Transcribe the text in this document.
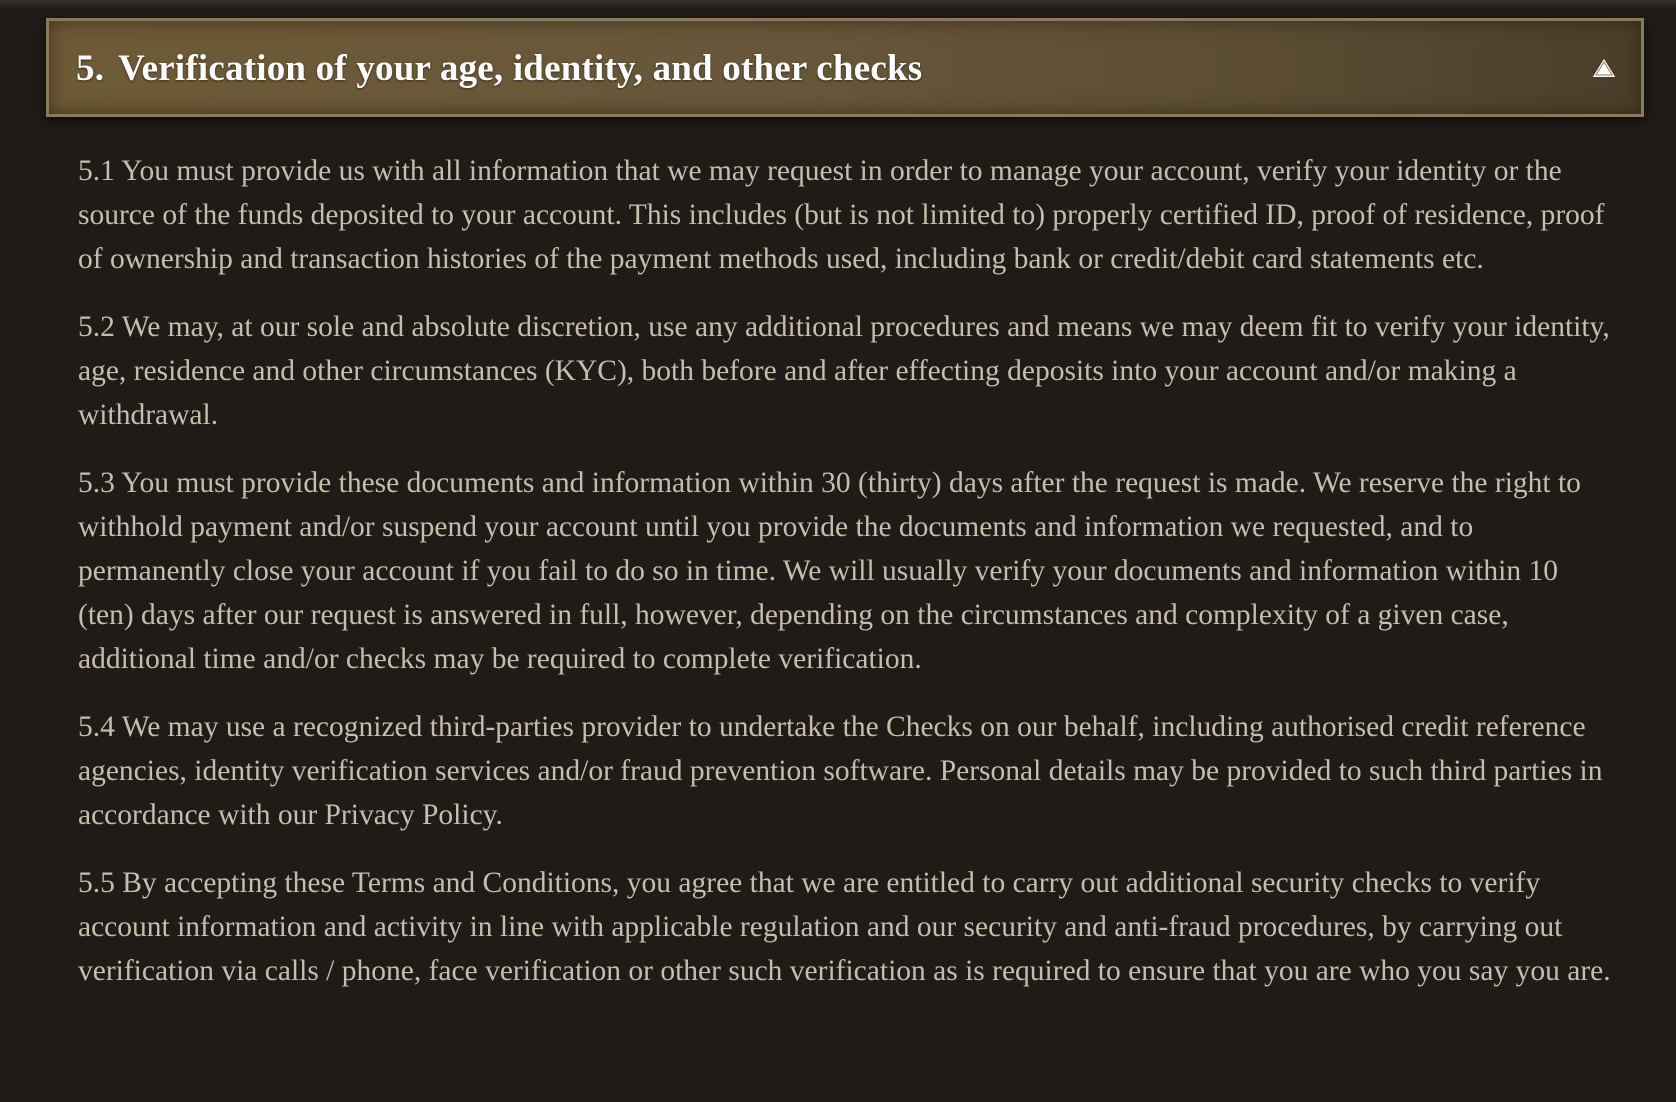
5. Verification of your age, identity, and other checks

5.1 You must provide us with all information that we may request in order to manage your account, verify your identity or the source of the funds deposited to your account. This includes (but is not limited to) properly certified ID, proof of residence, proof of ownership and transaction histories of the payment methods used, including bank or credit/debit card statements etc.

5.2 We may, at our sole and absolute discretion, use any additional procedures and means we may deem fit to verify your identity, age, residence and other circumstances (KYC), both before and after effecting deposits into your account and/or making a withdrawal.

5.3 You must provide these documents and information within 30 (thirty) days after the request is made. We reserve the right to withhold payment and/or suspend your account until you provide the documents and information we requested, and to permanently close your account if you fail to do so in time. We will usually verify your documents and information within 10 (ten) days after our request is answered in full, however, depending on the circumstances and complexity of a given case, additional time and/or checks may be required to complete verification.

5.4 We may use a recognized third-parties provider to undertake the Checks on our behalf, including authorised credit reference agencies, identity verification services and/or fraud prevention software. Personal details may be provided to such third parties in accordance with our Privacy Policy.

5.5 By accepting these Terms and Conditions, you agree that we are entitled to carry out additional security checks to verify account information and activity in line with applicable regulation and our security and anti-fraud procedures, by carrying out verification via calls / phone, face verification or other such verification as is required to ensure that you are who you say you are.
